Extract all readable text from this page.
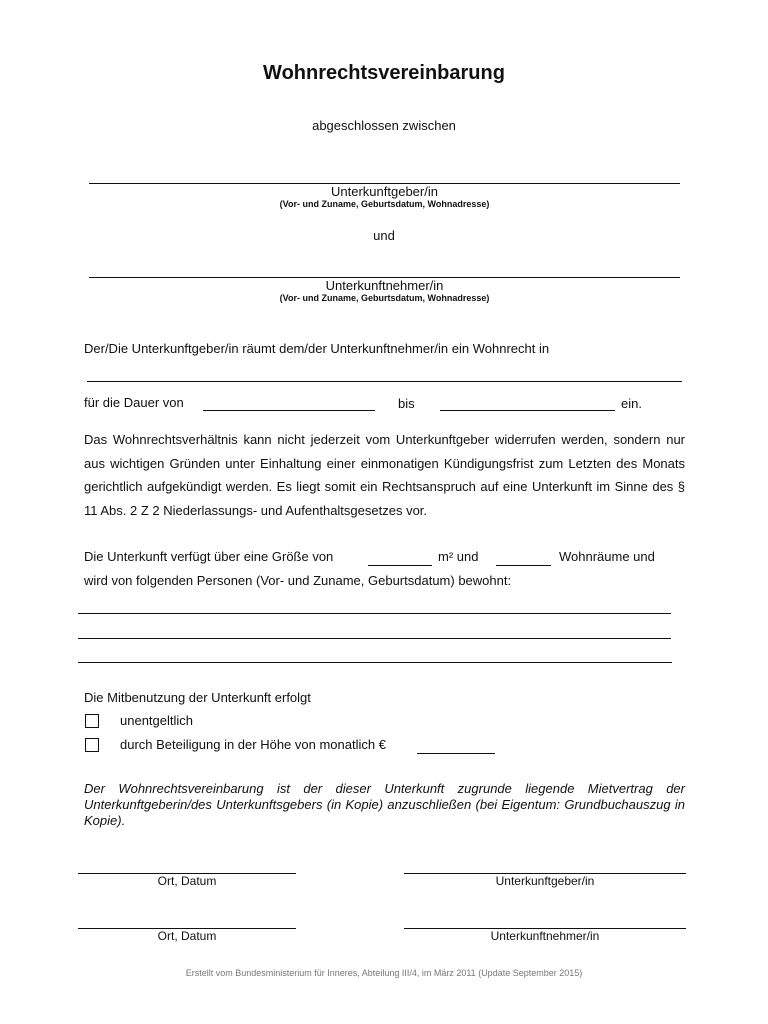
Wohnrechtsvereinbarung
abgeschlossen zwischen
Unterkunftgeber/in
(Vor- und Zuname, Geburtsdatum, Wohnadresse)
und
Unterkunftnehmer/in
(Vor- und Zuname, Geburtsdatum, Wohnadresse)
Der/Die Unterkunftgeber/in räumt dem/der Unterkunftnehmer/in ein Wohnrecht in
für die Dauer von	bis	ein.
Das Wohnrechtsverhältnis kann nicht jederzeit vom Unterkunftgeber widerrufen werden, sondern nur aus wichtigen Gründen unter Einhaltung einer einmonatigen Kündigungsfrist zum Letzten des Monats gerichtlich aufgekündigt werden. Es liegt somit ein Rechtsanspruch auf eine Unterkunft im Sinne des § 11 Abs. 2 Z 2 Niederlassungs- und Aufenthaltsgesetzes vor.
Die Unterkunft verfügt über eine Größe von	m² und	Wohnräume und
wird von folgenden Personen (Vor- und Zuname, Geburtsdatum) bewohnt:
Die Mitbenutzung der Unterkunft erfolgt
unentgeltlich
durch Beteiligung in der Höhe von monatlich €
Der Wohnrechtsvereinbarung ist der dieser Unterkunft zugrunde liegende Mietvertrag der Unterkunftgeberin/des Unterkunftsgebers (in Kopie) anzuschließen (bei Eigentum: Grundbuchauszug in Kopie).
Ort, Datum	Unterkunftgeber/in
Ort, Datum	Unterkunftnehmer/in
Erstellt vom Bundesministerium für Inneres, Abteilung III/4, im März 2011 (Update September 2015)
